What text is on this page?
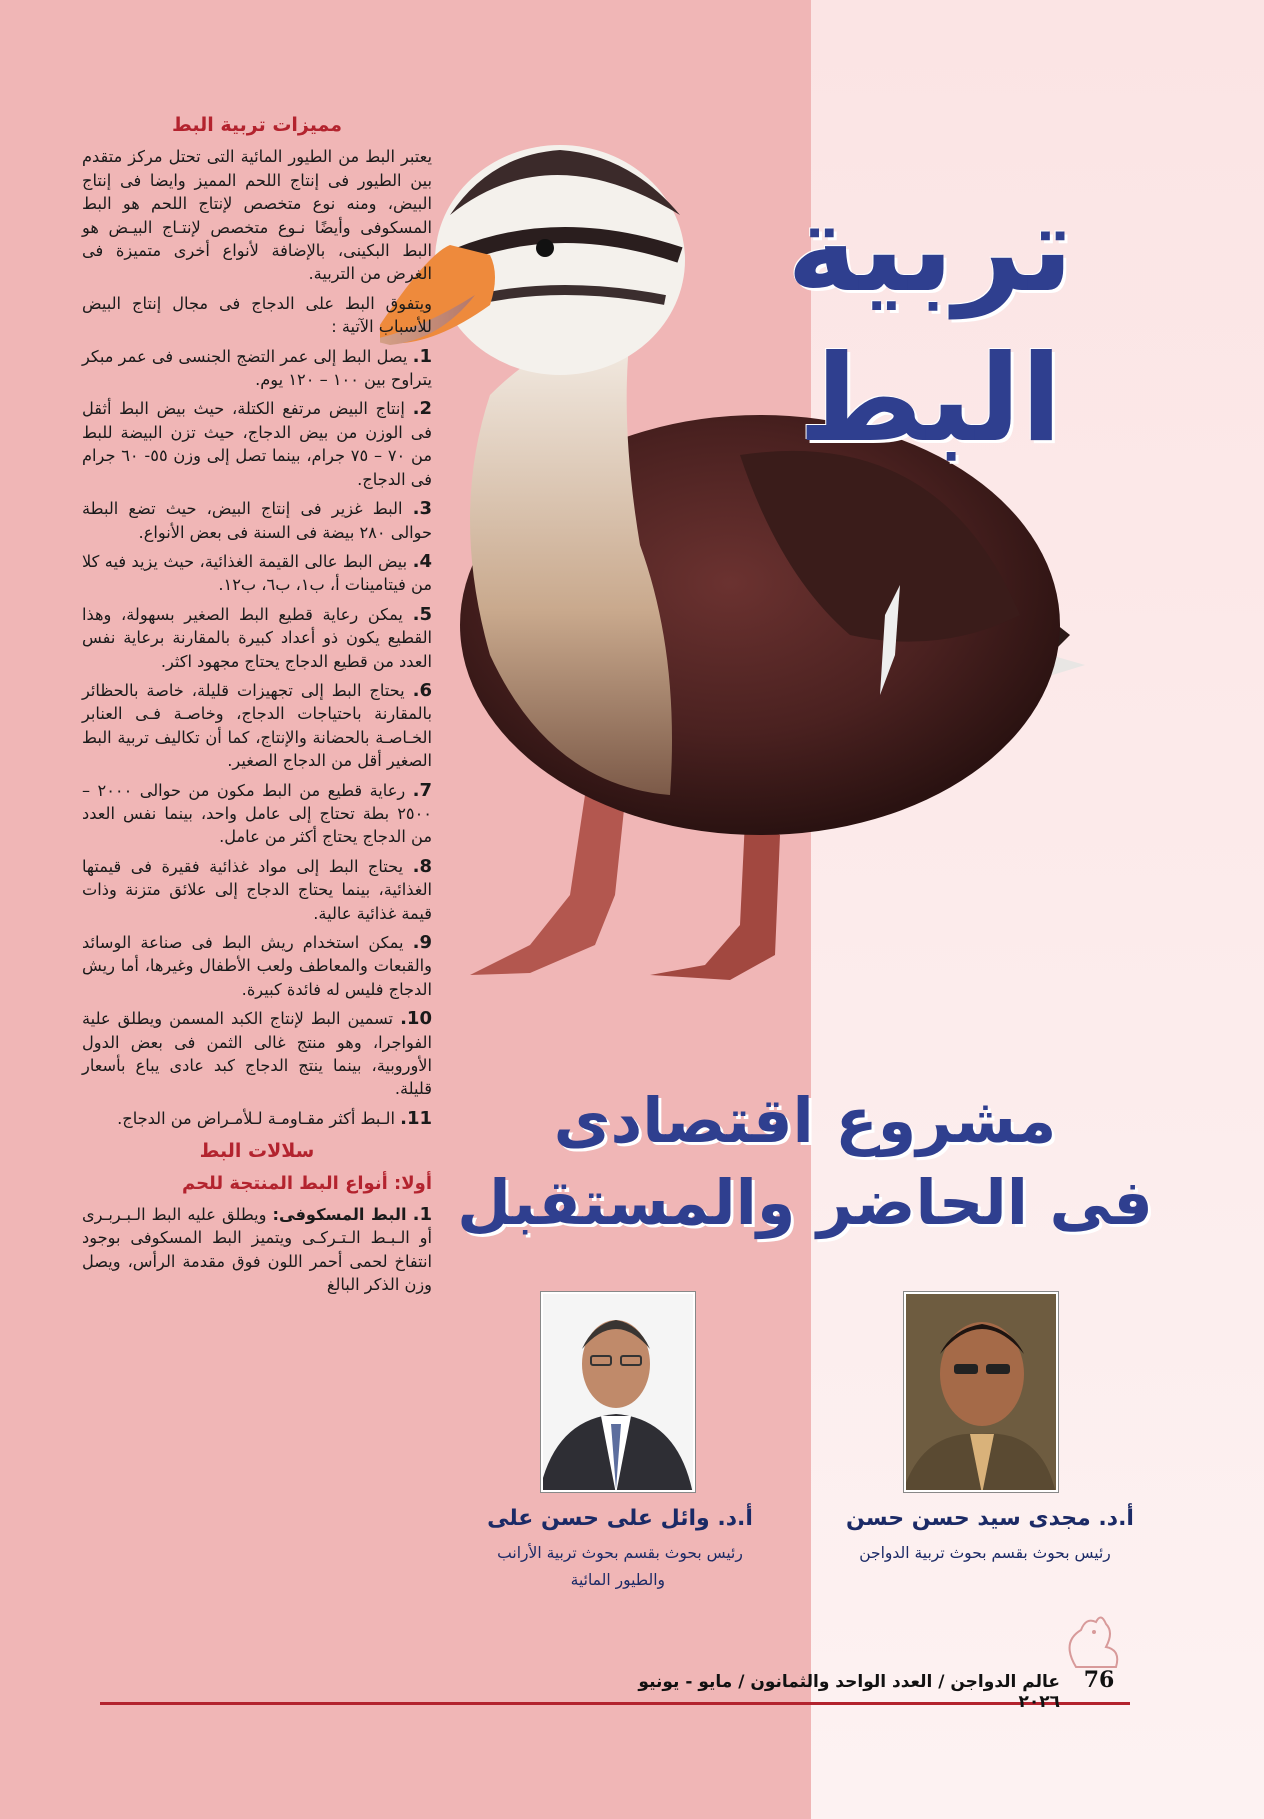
تربية
البط
مشروع اقتصادى
فى الحاضر والمستقبل
مميزات تربية البط

يعتبر البط من الطيور المائية التى تحتل مركز متقدم بين الطيور فى إنتاج اللحم المميز وايضا فى إنتاج البيض، ومنه نوع متخصص لإنتاج اللحم هو البط المسكوفى وأيضًا نـوع متخصص لإنتـاج البيـض هو البط البكينى، بالإضافة لأنواع أخرى متميزة فى الغرض من التربية.

ويتفوق البط على الدجاج فى مجال إنتاج البيض للأسباب الآتية :

1. يصل البط إلى عمر التضج الجنسى فى عمر مبكر يتراوح بين ١٠٠ – ١٢٠ يوم.

2. إنتاج البيض مرتفع الكتلة، حيث بيض البط أثقل فى الوزن من بيض الدجاج، حيث تزن البيضة للبط من ٧٠ – ٧٥ جرام، بينما تصل إلى وزن ٥٥- ٦٠ جرام فى الدجاج.

3. البط غزير فى إنتاج البيض، حيث تضع البطة حوالى ٢٨٠ بيضة فى السنة فى بعض الأنواع.

4. بيض البط عالى القيمة الغذائية، حيث يزيد فيه كلا من فيتامينات أ، ب١، ب٦، ب١٢.

5. يمكن رعاية قطيع البط الصغير بسهولة، وهذا القطيع يكون ذو أعداد كبيرة بالمقارنة برعاية نفس العدد من قطيع الدجاج يحتاج مجهود اكثر.

6. يحتاج البط إلى تجهيزات قليلة، خاصة بالحظائر بالمقارنة باحتياجات الدجاج، وخاصـة فـى العنابر الخـاصـة بالحضانة والإنتاج، كما أن تكاليف تربية البط الصغير أقل من الدجاج الصغير.

7. رعاية قطيع من البط مكون من حوالى ٢٠٠٠ – ٢٥٠٠ بطة تحتاج إلى عامل واحد، بينما نفس العدد من الدجاج يحتاج أكثر من عامل.

8. يحتاج البط إلى مواد غذائية فقيرة فى قيمتها الغذائية، بينما يحتاج الدجاج إلى علائق متزنة وذات قيمة غذائية عالية.

9. يمكن استخدام ريش البط فى صناعة الوسائد والقبعات والمعاطف ولعب الأطفال وغيرها، أما ريش الدجاج فليس له فائدة كبيرة.

10. تسمين البط لإنتاج الكبد المسمن ويطلق علية الفواجرا، وهو منتج غالى الثمن فى بعض الدول الأوروبية، بينما ينتج الدجاج كبد عادى يباع بأسعار قليلة.

11. الـبط أكثر مقـاومـة لـلأمـراض من الدجاج.

سلالات البط
أولا: أنواع البط المنتجة للحم

1. البط المسكوفى: ويطلق عليه البط الـبـربـرى أو الـبـط الـتـركـى ويتميز البط المسكوفى بوجود انتفاخ لحمى أحمر اللون فوق مقدمة الرأس، ويصل وزن الذكر البالغ

أ.د. مجدى سيد حسن حسن
رئيس بحوث بقسم بحوث تربية الدواجن
أ.د. وائل على حسن على
رئيس بحوث بقسم بحوث تربية الأرانب
والطيور المائية
76
عالم الدواجن / العدد الواحد والثمانون / مايو - يونيو ٢٠٢٦
